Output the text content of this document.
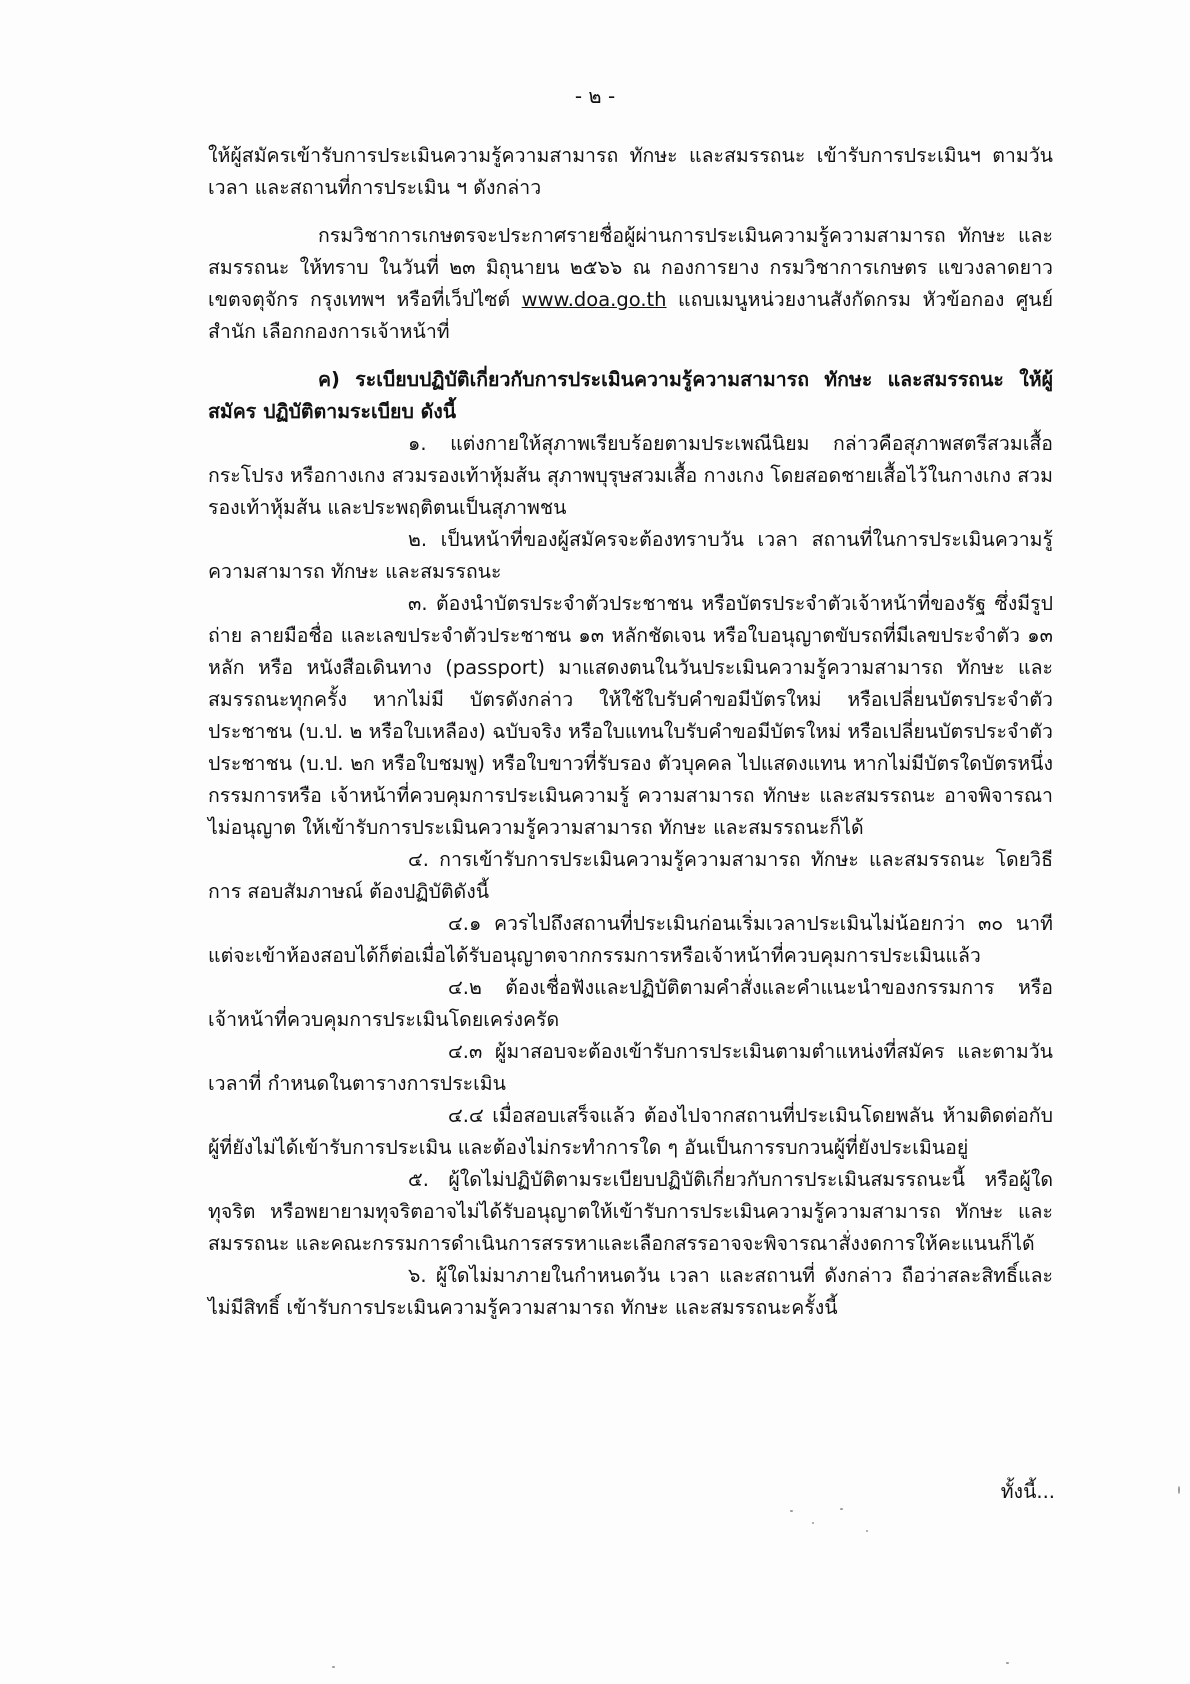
- ๒ -

ให้ผู้สมัครเข้ารับการประเมินความรู้ความสามารถ ทักษะ และสมรรถนะ เข้ารับการประเมินฯ ตามวัน เวลา และสถานที่การประเมิน ฯ ดังกล่าว

กรมวิชาการเกษตรจะประกาศรายชื่อผู้ผ่านการประเมินความรู้ความสามารถ ทักษะ และสมรรถนะ ให้ทราบ ในวันที่ ๒๓ มิถุนายน ๒๕๖๖ ณ กองการยาง กรมวิชาการเกษตร แขวงลาดยาว เขตจตุจักร กรุงเทพฯ หรือที่เว็ปไซต์ www.doa.go.th แถบเมนูหน่วยงานสังกัดกรม หัวข้อกอง ศูนย์ สำนัก เลือกกองการเจ้าหน้าที่

ค) ระเบียบปฏิบัติเกี่ยวกับการประเมินความรู้ความสามารถ ทักษะ และสมรรถนะ ให้ผู้สมัคร ปฏิบัติตามระเบียบ ดังนี้

๑. แต่งกายให้สุภาพเรียบร้อยตามประเพณีนิยม กล่าวคือสุภาพสตรีสวมเสื้อ กระโปรง หรือกางเกง สวมรองเท้าหุ้มส้น สุภาพบุรุษสวมเสื้อ กางเกง โดยสอดชายเสื้อไว้ในกางเกง สวมรองเท้าหุ้มส้น และประพฤติตนเป็นสุภาพชน

๒. เป็นหน้าที่ของผู้สมัครจะต้องทราบวัน เวลา สถานที่ในการประเมินความรู้ ความสามารถ ทักษะ และสมรรถนะ

๓. ต้องนำบัตรประจำตัวประชาชน หรือบัตรประจำตัวเจ้าหน้าที่ของรัฐ ซึ่งมีรูปถ่าย ลายมือชื่อ และเลขประจำตัวประชาชน ๑๓ หลักชัดเจน หรือใบอนุญาตขับรถที่มีเลขประจำตัว ๑๓ หลัก หรือ หนังสือเดินทาง (passport) มาแสดงตนในวันประเมินความรู้ความสามารถ ทักษะ และสมรรถนะทุกครั้ง หากไม่มี บัตรดังกล่าว ให้ใช้ใบรับคำขอมีบัตรใหม่ หรือเปลี่ยนบัตรประจำตัวประชาชน (บ.ป. ๒ หรือใบเหลือง) ฉบับจริง หรือใบแทนใบรับคำขอมีบัตรใหม่ หรือเปลี่ยนบัตรประจำตัวประชาชน (บ.ป. ๒ก หรือใบชมพู) หรือใบขาวที่รับรอง ตัวบุคคล ไปแสดงแทน หากไม่มีบัตรใดบัตรหนึ่งกรรมการหรือ เจ้าหน้าที่ควบคุมการประเมินความรู้ ความสามารถ ทักษะ และสมรรถนะ อาจพิจารณาไม่อนุญาต ให้เข้ารับการประเมินความรู้ความสามารถ ทักษะ และสมรรถนะก็ได้

๔. การเข้ารับการประเมินความรู้ความสามารถ ทักษะ และสมรรถนะ โดยวิธีการ สอบสัมภาษณ์ ต้องปฏิบัติดังนี้

๔.๑ ควรไปถึงสถานที่ประเมินก่อนเริ่มเวลาประเมินไม่น้อยกว่า ๓๐ นาที แต่จะเข้าห้องสอบได้ก็ต่อเมื่อได้รับอนุญาตจากกรรมการหรือเจ้าหน้าที่ควบคุมการประเมินแล้ว

๔.๒ ต้องเชื่อฟังและปฏิบัติตามคำสั่งและคำแนะนำของกรรมการ หรือ เจ้าหน้าที่ควบคุมการประเมินโดยเคร่งครัด

๔.๓ ผู้มาสอบจะต้องเข้ารับการประเมินตามตำแหน่งที่สมัคร และตามวัน เวลาที่ กำหนดในตารางการประเมิน

๔.๔ เมื่อสอบเสร็จแล้ว ต้องไปจากสถานที่ประเมินโดยพลัน ห้ามติดต่อกับ ผู้ที่ยังไม่ได้เข้ารับการประเมิน และต้องไม่กระทำการใด ๆ อันเป็นการรบกวนผู้ที่ยังประเมินอยู่

๕. ผู้ใดไม่ปฏิบัติตามระเบียบปฏิบัติเกี่ยวกับการประเมินสมรรถนะนี้ หรือผู้ใดทุจริต หรือพยายามทุจริตอาจไม่ได้รับอนุญาตให้เข้ารับการประเมินความรู้ความสามารถ ทักษะ และสมรรถนะ และคณะกรรมการดำเนินการสรรหาและเลือกสรรอาจจะพิจารณาสั่งงดการให้คะแนนก็ได้

๖. ผู้ใดไม่มาภายในกำหนดวัน เวลา และสถานที่ ดังกล่าว ถือว่าสละสิทธิ์และไม่มีสิทธิ์ เข้ารับการประเมินความรู้ความสามารถ ทักษะ และสมรรถนะครั้งนี้

ทั้งนี้...
